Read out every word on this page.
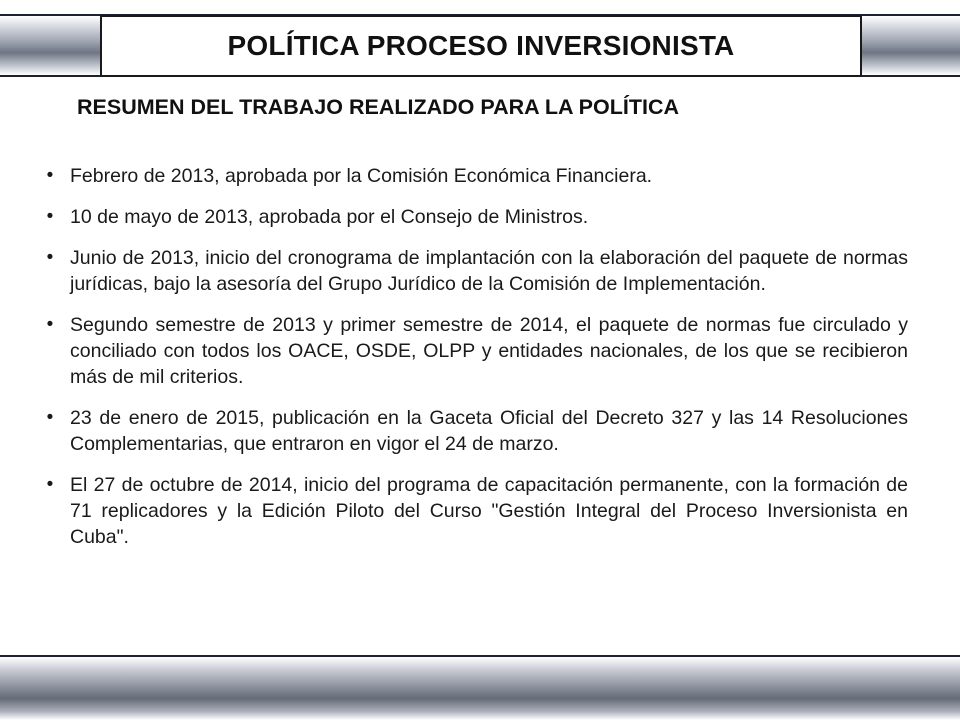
POLÍTICA PROCESO INVERSIONISTA
RESUMEN DEL TRABAJO REALIZADO PARA LA POLÍTICA
• Febrero de 2013, aprobada por la Comisión Económica Financiera.
• 10 de mayo de 2013, aprobada por el Consejo de Ministros.
• Junio de 2013, inicio del cronograma de implantación con la elaboración del paquete de normas jurídicas, bajo la asesoría del Grupo Jurídico de la Comisión de Implementación.
• Segundo semestre de 2013 y primer semestre de 2014, el paquete de normas fue circulado y conciliado con todos los OACE, OSDE, OLPP y entidades nacionales, de los que se recibieron más de mil criterios.
• 23 de enero de 2015, publicación en la Gaceta Oficial del Decreto 327 y las 14 Resoluciones Complementarias, que entraron en vigor el 24 de marzo.
• El 27 de octubre de 2014, inicio del programa de capacitación permanente, con la formación de 71 replicadores y la Edición Piloto del Curso "Gestión Integral del Proceso Inversionista en Cuba".
